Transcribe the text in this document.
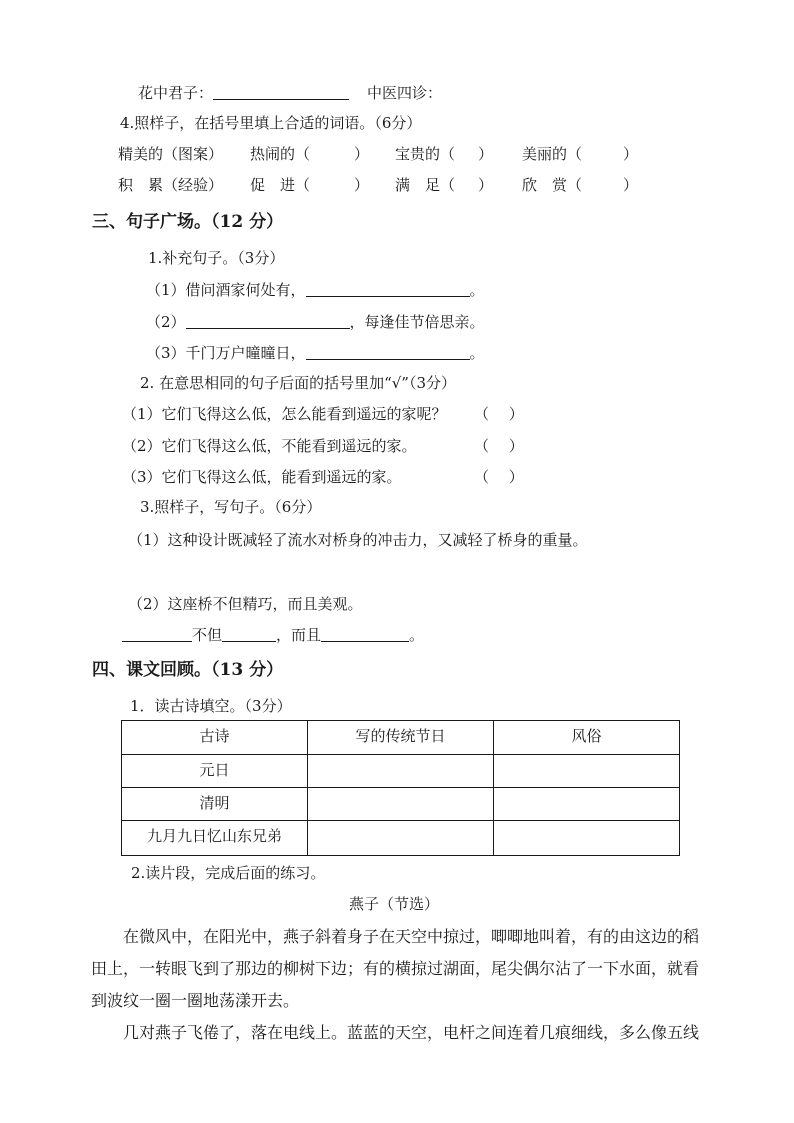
花中君子：	中医四诊：
4.照样子，在括号里填上合适的词语。（6分）
精美的（图案） 热闹的（	） 宝贵的（ ） 美丽的（	）
积　累（经验） 促　进（	） 满　足（ ） 欣　赏（	）
三、句子广场。（12 分）
1.补充句子。（3分）
（1）借问酒家何处有，	。
（2）	，每逢佳节倍思亲。
（3）千门万户曈曈日，	。
2. 在意思相同的句子后面的括号里加“√”（3分）
（1）它们飞得这么低，怎么能看到遥远的家呢？ （　 ）
（2）它们飞得这么低，不能看到遥远的家。	（　 ）
（3）它们飞得这么低，能看到遥远的家。	（　 ）
3.照样子，写句子。（6分）
（1）这种设计既减轻了流水对桥身的冲击力，又减轻了桥身的重量。
（2）这座桥不但精巧，而且美观。
不但	，而且	。
四、课文回顾。（13 分）
1．读古诗填空。（3分）
古诗	写的传统节日	风俗
元日		
清明		
九月九日忆山东兄弟		
2.读片段，完成后面的练习。
燕子（节选）
在微风中，在阳光中，燕子斜着身子在天空中掠过，唧唧地叫着，有的由这边的稻
田上，一转眼飞到了那边的柳树下边；有的横掠过湖面，尾尖偶尔沾了一下水面，就看
到波纹一圈一圈地荡漾开去。
几对燕子飞倦了，落在电线上。蓝蓝的天空，电杆之间连着几痕细线，多么像五线
